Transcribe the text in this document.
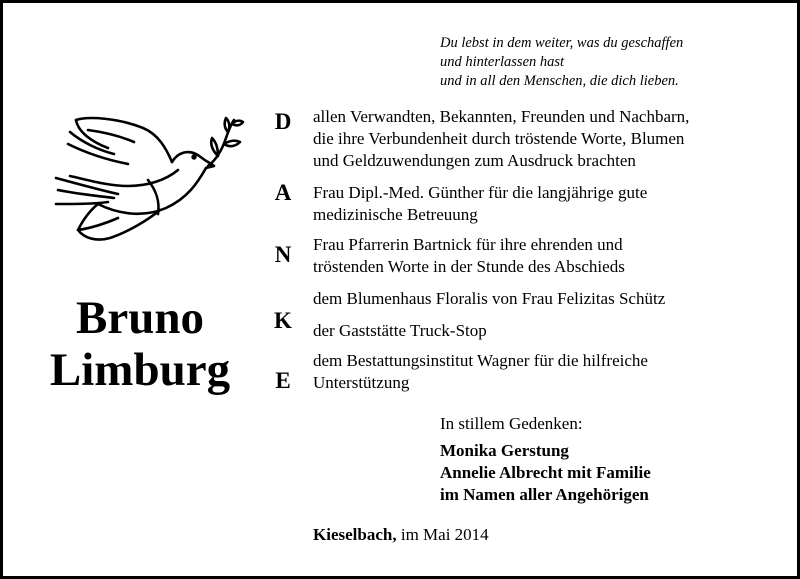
Du lebst in dem weiter, was du geschaffen
und hinterlassen hast
und in all den Menschen, die dich lieben.
Bruno
Limburg
D
A
N
K
E
allen Verwandten, Bekannten, Freunden und Nachbarn,
die ihre Verbundenheit durch tröstende Worte, Blumen
und Geldzuwendungen zum Ausdruck brachten
Frau Dipl.-Med. Günther für die langjährige gute
medizinische Betreuung
Frau Pfarrerin Bartnick für ihre ehrenden und
tröstenden Worte in der Stunde des Abschieds
dem Blumenhaus Floralis von Frau Felizitas Schütz
der Gaststätte Truck-Stop
dem Bestattungsinstitut Wagner für die hilfreiche
Unterstützung
In stillem Gedenken:
Monika Gerstung
Annelie Albrecht mit Familie
im Namen aller Angehörigen
Kieselbach, im Mai 2014
